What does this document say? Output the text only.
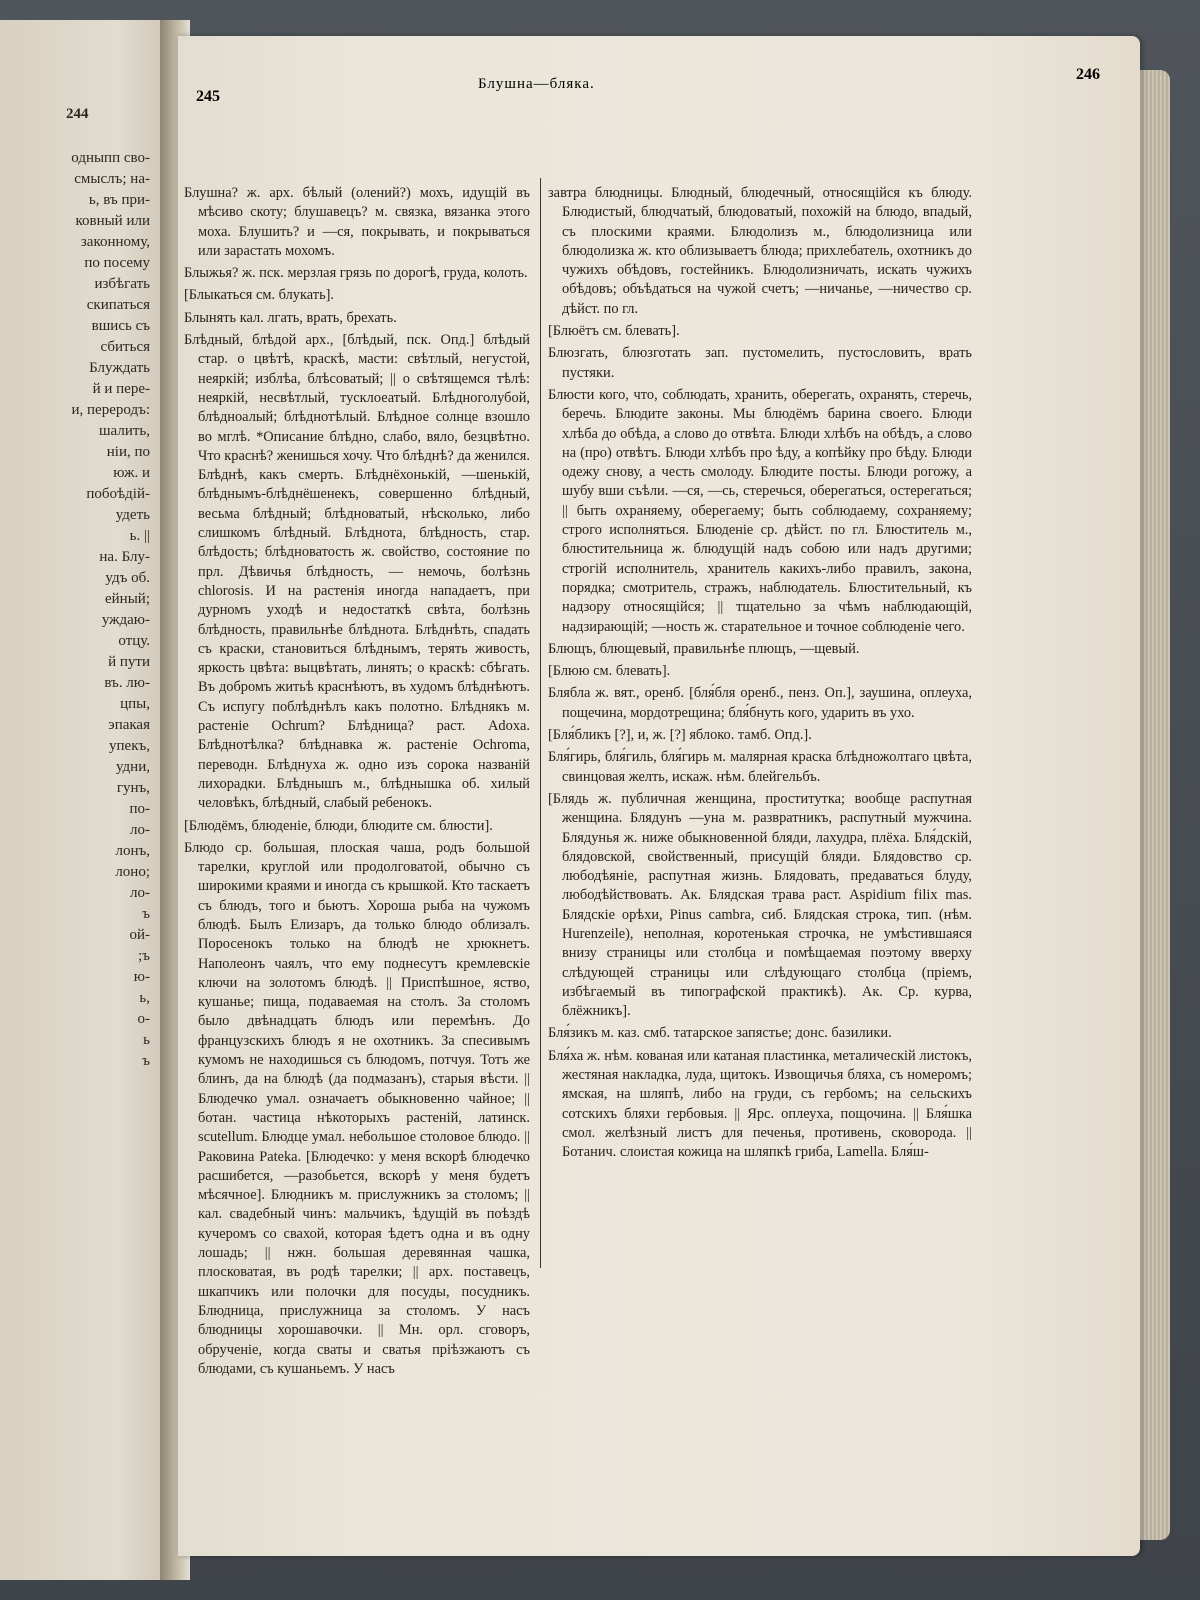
244
одныпп сво-
смыслъ; на-
ь, въ при-
ковный или
законному,
по посему
избѣгать
скипаться
вшись съ
сбиться
Блуждать
й и пере-
и, переродъ:
шалить,
ніи, по
юж. и
побоѣдій-
удеть
ь. ||
на. Блу-
удъ об.
ейный;
уждаю-
отцу.
й пути
въ. лю-
цпы,
эпакая
упекъ,
удни,
гунъ,
по-
ло-
лонъ,
лоно;
ло-
ъ
ой-
;ъ
ю-
ь,
о-
ь
ъ
245
Блушна—бляка.
246

Блушна? ж. арх. бѣлый (олений?) мохъ, идущій въ мѣсиво скоту; блушавецъ? м. связка, вязанка этого моха. Блушить? и —ся, покрывать, и покрываться или зарастать мохомъ.

Блыжья? ж. пск. мерзлая грязь по дорогѣ, груда, колоть.

[Блыкаться см. блукать].

Блынять кал. лгать, врать, брехать.

Блѣдный, блѣдой арх., [блѣдый, пск. Опд.] блѣдый стар. о цвѣтѣ, краскѣ, масти: свѣтлый, негустой, неяркій; изблѣа, блѣсоватый; || о свѣтящемся тѣлѣ: неяркій, несвѣтлый, тусклоеатый. Блѣдноголубой, блѣдноалый; блѣднотѣлый. Блѣдное солнце взошло во мглѣ. *Описание блѣдно, слабо, вяло, безцвѣтно. Что краснѣ? женишься хочу. Что блѣднѣ? да женился. Блѣднѣ, какъ смерть. Блѣднёхонькій, —шенькій, блѣднымъ-блѣднёшенекъ, совершенно блѣдный, весьма блѣдный; блѣдноватый, нѣсколько, либо слишкомъ блѣдный. Блѣднота, блѣдность, стар. блѣдость; блѣдноватость ж. свойство, состояние по прл. Дѣвичья блѣдность, — немочь, болѣзнь chlorosis. И на растенія иногда нападаетъ, при дурномъ уходѣ и недостаткѣ свѣта, болѣзнь блѣдность, правильнѣе блѣднота. Блѣднѣть, спадать съ краски, становиться блѣднымъ, терять живость, яркость цвѣта: выцвѣтать, линять; о краскѣ: сбѣгать. Въ добромъ житьѣ краснѣютъ, въ худомъ блѣднѣютъ. Съ испугу поблѣднѣлъ какъ полотно. Блѣднякъ м. растеніе Ochrum? Блѣдница? раст. Adoxa. Блѣднотѣлка? блѣднавка ж. растеніе Ochroma, переводн. Блѣднуха ж. одно изъ сорока названій лихорадки. Блѣднышъ м., блѣднышка об. хилый человѣкъ, блѣдный, слабый ребенокъ.

[Блюдёмъ, блюденіе, блюди, блюдите см. блюсти].

Блюдо ср. большая, плоская чаша, родъ большой тарелки, круглой или продолговатой, обычно съ широкими краями и иногда съ крышкой. Кто таскаетъ съ блюдъ, того и бьютъ. Хороша рыба на чужомъ блюдѣ. Былъ Елизаръ, да только блюдо облизалъ. Поросенокъ только на блюдѣ не хрюкнетъ. Наполеонъ чаялъ, что ему поднесутъ кремлевскіе ключи на золотомъ блюдѣ. || Приспѣшное, яство, кушанье; пища, подаваемая на столъ. За столомъ было двѣнадцать блюдъ или перемѣнъ. До французскихъ блюдъ я не охотникъ. За спесивымъ кумомъ не находишься съ блюдомъ, потчуя. Тотъ же блинъ, да на блюдѣ (да подмазанъ), старыя вѣсти. || Блюдечко умал. означаетъ обыкновенно чайное; || ботан. частица нѣкоторыхъ растеній, латинск. scutellum. Блюдце умал. небольшое столовое блюдо. || Раковина Pateka. [Блюдечко: у меня вскорѣ блюдечко расшибется, —разобьется, вскорѣ у меня будетъ мѣсячное]. Блюдникъ м. прислужникъ за столомъ; || кал. свадебный чинъ: мальчикъ, ѣдущій въ поѣздѣ кучеромъ со свахой, которая ѣдетъ одна и въ одну лошадь; || нжн. большая деревянная чашка, плосковатая, въ родѣ тарелки; || арх. поставецъ, шкапчикъ или полочки для посуды, посудникъ. Блюдница, прислужница за столомъ. У насъ блюдницы хорошавочки. || Мн. орл. сговоръ, обрученіе, когда сваты и сватья пріѣзжаютъ съ блюдами, съ кушаньемъ. У насъ

завтра блюдницы. Блюдный, блюдечный, относящійся къ блюду. Блюдистый, блюдчатый, блюдоватый, похожій на блюдо, впадый, съ плоскими краями. Блюдолизъ м., блюдолизница или блюдолизка ж. кто облизываетъ блюда; прихлебатель, охотникъ до чужихъ обѣдовъ, гостейникъ. Блюдолизничать, искать чужихъ обѣдовъ; объѣдаться на чужой счетъ; —ничанье, —ничество ср. дѣйст. по гл.

[Блюётъ см. блевать].

Блюзгать, блюзготать зап. пустомелить, пустословить, врать пустяки.

Блюсти кого, что, соблюдать, хранить, оберегать, охранять, стеречь, беречь. Блюдите законы. Мы блюдёмъ барина своего. Блюди хлѣба до обѣда, а слово до отвѣта. Блюди хлѣбъ на обѣдъ, а слово на (про) отвѣтъ. Блюди хлѣбъ про ѣду, а копѣйку про бѣду. Блюди одежу снову, а честь смолоду. Блюдите посты. Блюди рогожу, а шубу вши съѣли. —ся, —сь, стеречься, оберегаться, остерегаться; || быть охраняему, оберегаему; быть соблюдаему, сохраняему; строго исполняться. Блюденіе ср. дѣйст. по гл. Блюститель м., блюстительница ж. блюдущій надъ собою или надъ другими; строгій исполнитель, хранитель какихъ-либо правилъ, закона, порядка; смотритель, стражъ, наблюдатель. Блюстительный, къ надзору относящійся; || тщательно за чѣмъ наблюдающій, надзирающій; —ность ж. старательное и точное соблюденіе чего.

Блющъ, блющевый, правильнѣе плющъ, —щевый.

[Блюю см. блевать].

Блябла ж. вят., оренб. [бля́бля оренб., пенз. Оп.], заушина, оплеуха, пощечина, мордотрещина; бля́бнуть кого, ударить въ ухо.

[Бля́бликъ [?], и, ж. [?] яблоко. тамб. Опд.].

Бля́гирь, бля́гиль, бля́гирь м. малярная краска блѣдножолтаго цвѣта, свинцовая желть, искаж. нѣм. блейгельбъ.

[Блядь ж. публичная женщина, проститутка; вообще распутная женщина. Блядунъ —уна м. развратникъ, распутный мужчина. Блядунья ж. ниже обыкновенной бляди, лахудра, плёха. Бля́дскій, блядовской, свойственный, присущій бляди. Блядовство ср. любодѣяніе, распутная жизнь. Блядовать, предаваться блуду, любодѣйствовать. Ак. Блядская трава раст. Aspidium filix mas. Блядскіе орѣхи, Pinus cambra, сиб. Блядская строка, тип. (нѣм. Hurenzeile), неполная, коротенькая строчка, не умѣстившаяся внизу страницы или столбца и помѣщаемая поэтому вверху слѣдующей страницы или слѣдующаго столбца (пріемъ, избѣгаемый въ типографской практикѣ). Ак. Ср. курва, блёжникъ].

Бля́зикъ м. каз. смб. татарское запястье; донс. базилики.

Бля́ха ж. нѣм. кованая или катаная пластинка, металическій листокъ, жестяная накладка, луда, щитокъ. Извощичья бляха, съ номеромъ; ямская, на шляпѣ, либо на груди, съ гербомъ; на сельскихъ сотскихъ бляхи гербовыя. || Ярс. оплеуха, пощочина. || Бля́шка смол. желѣзный листъ для печенья, противень, сковорода. || Ботанич. слоистая кожица на шляпкѣ гриба, Lamella. Бля́ш-
